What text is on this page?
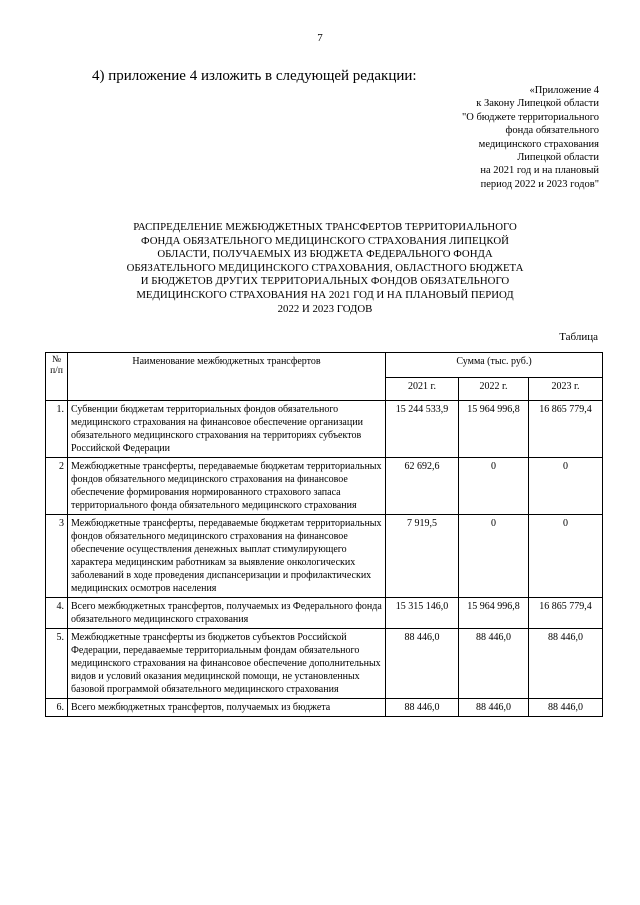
7
4) приложение 4 изложить в следующей редакции:
«Приложение 4
к Закону Липецкой области
"О бюджете территориального
фонда обязательного
медицинского страхования
Липецкой области
на 2021 год и на плановый
период 2022 и 2023 годов"
РАСПРЕДЕЛЕНИЕ МЕЖБЮДЖЕТНЫХ ТРАНСФЕРТОВ ТЕРРИТОРИАЛЬНОГО
ФОНДА ОБЯЗАТЕЛЬНОГО МЕДИЦИНСКОГО СТРАХОВАНИЯ ЛИПЕЦКОЙ
ОБЛАСТИ, ПОЛУЧАЕМЫХ ИЗ БЮДЖЕТА ФЕДЕРАЛЬНОГО ФОНДА
ОБЯЗАТЕЛЬНОГО МЕДИЦИНСКОГО СТРАХОВАНИЯ, ОБЛАСТНОГО БЮДЖЕТА
И БЮДЖЕТОВ ДРУГИХ ТЕРРИТОРИАЛЬНЫХ ФОНДОВ ОБЯЗАТЕЛЬНОГО
МЕДИЦИНСКОГО СТРАХОВАНИЯ НА 2021 ГОД И НА ПЛАНОВЫЙ ПЕРИОД
2022 И 2023 ГОДОВ
Таблица
№ п/п	Наименование межбюджетных трансфертов	Сумма (тыс. руб.)		
		2021 г.	2022 г.	2023 г.
1.	Субвенции бюджетам территориальных фондов обязательного медицинского страхования на финансовое обеспечение организации обязательного медицинского страхования на территориях субъектов Российской Федерации	15 244 533,9	15 964 996,8	16 865 779,4
2	Межбюджетные трансферты, передаваемые бюджетам территориальных фондов обязательного медицинского страхования на финансовое обеспечение формирования нормированного страхового запаса территориального фонда обязательного медицинского страхования	62 692,6	0	0
3	Межбюджетные трансферты, передаваемые бюджетам территориальных фондов обязательного медицинского страхования на финансовое обеспечение осуществления денежных выплат стимулирующего характера медицинским работникам за выявление онкологических заболеваний в ходе проведения диспансеризации и профилактических медицинских осмотров населения	7 919,5	0	0
4.	Всего межбюджетных трансфертов, получаемых из Федерального фонда обязательного медицинского страхования	15 315 146,0	15 964 996,8	16 865 779,4
5.	Межбюджетные трансферты из бюджетов субъектов Российской Федерации, передаваемые территориальным фондам обязательного медицинского страхования на финансовое обеспечение дополнительных видов и условий оказания медицинской помощи, не установленных базовой программой обязательного медицинского страхования	88 446,0	88 446,0	88 446,0
6.	Всего межбюджетных трансфертов, получаемых из бюджета	88 446,0	88 446,0	88 446,0
